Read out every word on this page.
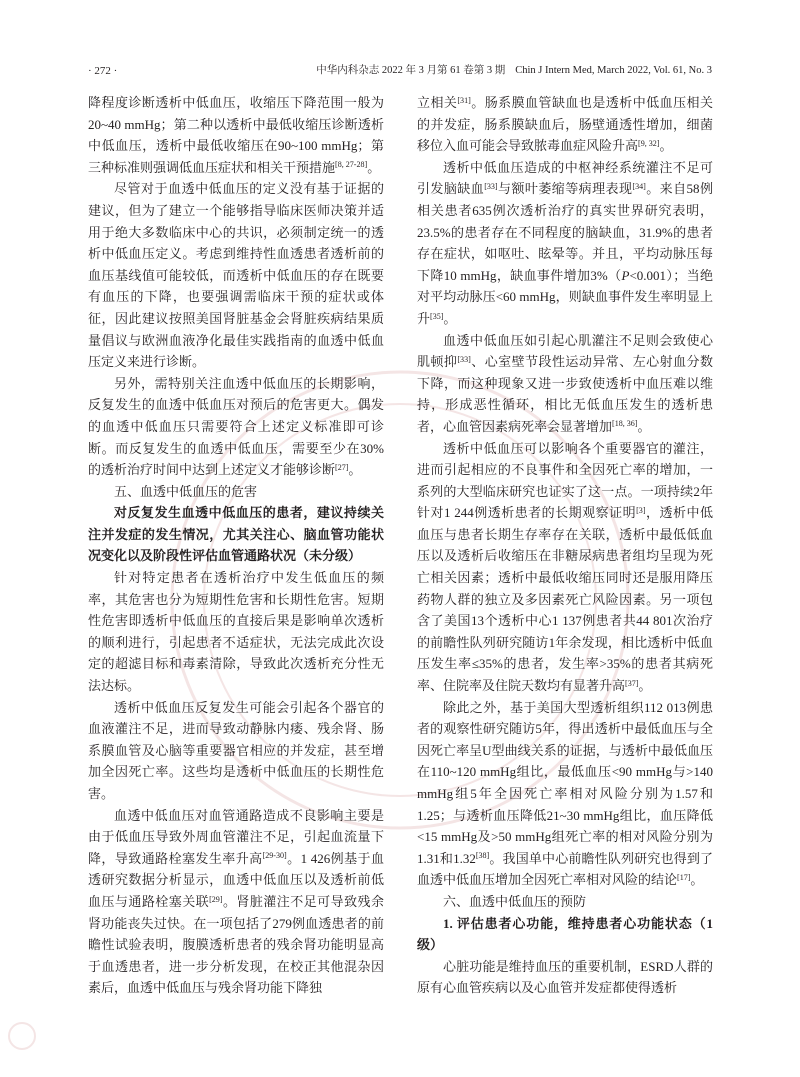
· 272 ·	中华内科杂志 2022 年 3 月第 61 卷第 3 期 Chin J Intern Med, March 2022, Vol. 61, No. 3

降程度诊断透析中低血压，收缩压下降范围一般为20~40 mmHg；第二种以透析中最低收缩压诊断透析中低血压，透析中最低收缩压在90~100 mmHg；第三种标准则强调低血压症状和相关干预措施[8, 27-28]。

尽管对于血透中低血压的定义没有基于证据的建议，但为了建立一个能够指导临床医师决策并适用于绝大多数临床中心的共识，必须制定统一的透析中低血压定义。考虑到维持性血透患者透析前的血压基线值可能较低，而透析中低血压的存在既要有血压的下降，也要强调需临床干预的症状或体征，因此建议按照美国肾脏基金会肾脏疾病结果质量倡议与欧洲血液净化最佳实践指南的血透中低血压定义来进行诊断。

另外，需特别关注血透中低血压的长期影响，反复发生的血透中低血压对预后的危害更大。偶发的血透中低血压只需要符合上述定义标准即可诊断。而反复发生的血透中低血压，需要至少在30% 的透析治疗时间中达到上述定义才能够诊断[27]。

五、血透中低血压的危害

对反复发生血透中低血压的患者，建议持续关注并发症的发生情况，尤其关注心、脑血管功能状况变化以及阶段性评估血管通路状况（未分级）

针对特定患者在透析治疗中发生低血压的频率，其危害也分为短期性危害和长期性危害。短期性危害即透析中低血压的直接后果是影响单次透析的顺利进行，引起患者不适症状，无法完成此次设定的超滤目标和毒素清除，导致此次透析充分性无法达标。

透析中低血压反复发生可能会引起各个器官的血液灌注不足，进而导致动静脉内瘘、残余肾、肠系膜血管及心脑等重要器官相应的并发症，甚至增加全因死亡率。这些均是透析中低血压的长期性危害。

血透中低血压对血管通路造成不良影响主要是由于低血压导致外周血管灌注不足，引起血流量下降，导致通路栓塞发生率升高[29-30]。1 426例基于血透研究数据分析显示，血透中低血压以及透析前低血压与通路栓塞关联[29]。肾脏灌注不足可导致残余肾功能丧失过快。在一项包括了279例血透患者的前瞻性试验表明，腹膜透析患者的残余肾功能明显高于血透患者，进一步分析发现，在校正其他混杂因素后，血透中低血压与残余肾功能下降独

立相关[31]。肠系膜血管缺血也是透析中低血压相关的并发症，肠系膜缺血后，肠壁通透性增加，细菌移位入血可能会导致脓毒血症风险升高[9, 32]。

透析中低血压造成的中枢神经系统灌注不足可引发脑缺血[33]与额叶萎缩等病理表现[34]。来自58例相关患者635例次透析治疗的真实世界研究表明，23.5%的患者存在不同程度的脑缺血，31.9%的患者存在症状，如呕吐、眩晕等。并且，平均动脉压每下降10 mmHg，缺血事件增加3%（P<0.001）；当绝对平均动脉压<60 mmHg，则缺血事件发生率明显上升[35]。

血透中低血压如引起心肌灌注不足则会致使心肌顿抑[33]、心室壁节段性运动异常、左心射血分数下降，而这种现象又进一步致使透析中血压难以维持，形成恶性循环，相比无低血压发生的透析患者，心血管因素病死率会显著增加[18, 36]。

透析中低血压可以影响各个重要器官的灌注，进而引起相应的不良事件和全因死亡率的增加，一系列的大型临床研究也证实了这一点。一项持续2年针对1 244例透析患者的长期观察证明[3]，透析中低血压与患者长期生存率存在关联，透析中最低低血压以及透析后收缩压在非糖尿病患者组均呈现为死亡相关因素；透析中最低收缩压同时还是服用降压药物人群的独立及多因素死亡风险因素。另一项包含了美国13个透析中心1 137例患者共44 801次治疗的前瞻性队列研究随访1年余发现，相比透析中低血压发生率≤35%的患者，发生率>35%的患者其病死率、住院率及住院天数均有显著升高[37]。

除此之外，基于美国大型透析组织112 013例患者的观察性研究随访5年，得出透析中最低血压与全因死亡率呈U型曲线关系的证据，与透析中最低血压在110~120 mmHg组比，最低血压<90 mmHg与>140 mmHg组5年全因死亡率相对风险分别为1.57和1.25；与透析血压降低21~30 mmHg组比，血压降低<15 mmHg及>50 mmHg组死亡率的相对风险分别为1.31和1.32[38]。我国单中心前瞻性队列研究也得到了血透中低血压增加全因死亡率相对风险的结论[17]。

六、血透中低血压的预防

1. 评估患者心功能，维持患者心功能状态（1级）

心脏功能是维持血压的重要机制，ESRD人群的原有心血管疾病以及心血管并发症都使得透析
